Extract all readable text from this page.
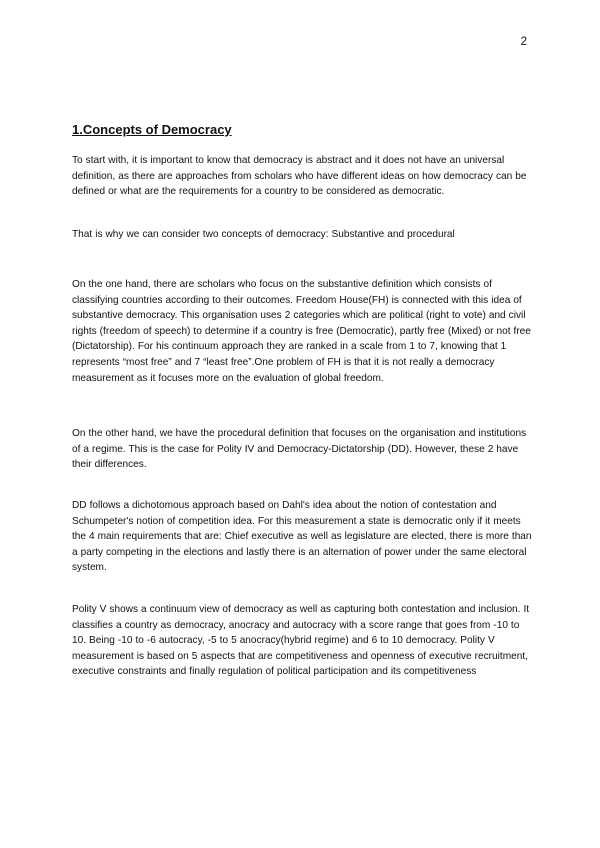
2
1.Concepts of Democracy

To start with, it is important to know that democracy is abstract and it does not have an universal definition, as there are approaches from scholars who have different ideas on how democracy can be defined or what are the requirements for a country to be considered as democratic.

That is why we can consider two concepts of democracy: Substantive and procedural

On the one hand, there are scholars who focus on the substantive definition which consists of classifying countries according to their outcomes. Freedom House(FH) is connected with this idea of substantive democracy. This organisation uses 2 categories which are political (right to vote) and civil rights (freedom of speech) to determine if a country is free (Democratic), partly free (Mixed) or not free (Dictatorship). For his continuum approach they are ranked in a scale from 1 to 7, knowing that 1 represents “most free” and 7 “least free”.One problem of FH is that it is not really a democracy measurement as it focuses more on the evaluation of global freedom.

On the other hand, we have the procedural definition that focuses on the organisation and institutions of a regime. This is the case for Polity IV and Democracy-Dictatorship (DD). However, these 2 have their differences.

DD follows a dichotomous approach based on Dahl's idea about the notion of contestation and Schumpeter's notion of competition idea. For this measurement a state is democratic only if it meets the 4 main requirements that are: Chief executive as well as legislature are elected, there is more than a party competing in the elections and lastly there is an alternation of power under the same electoral system.

Polity V shows a continuum view of democracy as well as capturing both contestation and inclusion. It classifies a country as democracy, anocracy and autocracy with a score range that goes from -10 to 10. Being -10 to -6 autocracy, -5 to 5 anocracy(hybrid regime) and 6 to 10 democracy. Polity V measurement is based on 5 aspects that are competitiveness and openness of executive recruitment, executive constraints and finally regulation of political participation and its competitiveness
